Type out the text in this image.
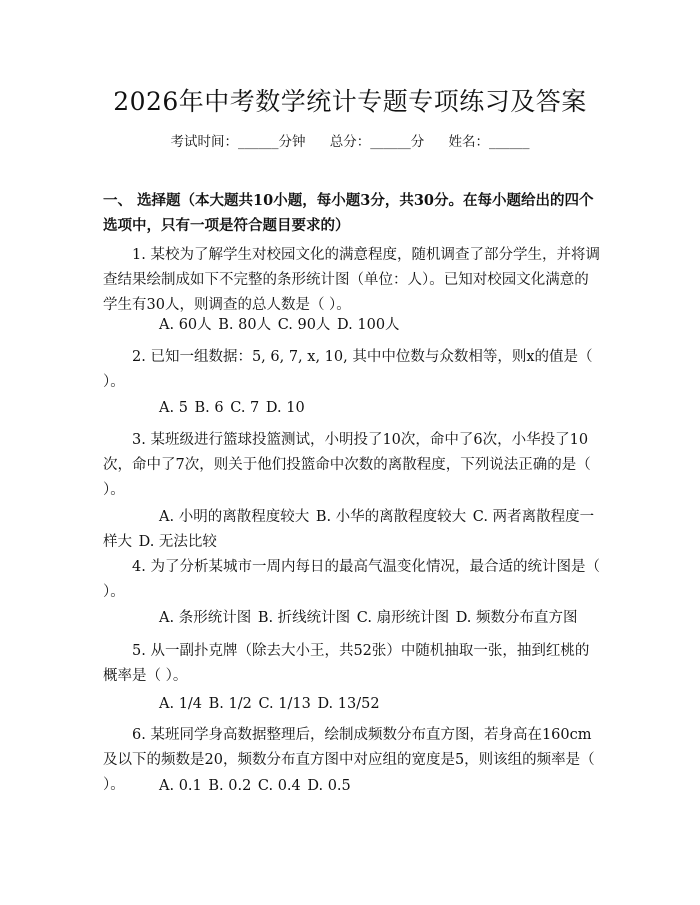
2026年中考数学统计专题专项练习及答案
考试时间：______分钟 总分：______分 姓名：______
一、 选择题（本大题共10小题，每小题3分，共30分。在每小题给出的四个选项中，只有一项是符合题目要求的）
1. 某校为了解学生对校园文化的满意程度，随机调查了部分学生，并将调查结果绘制成如下不完整的条形统计图（单位：人）。已知对校园文化满意的学生有30人，则调查的总人数是（ ）。
A. 60人 B. 80人 C. 90人 D. 100人
2. 已知一组数据：5, 6, 7, x, 10, 其中中位数与众数相等，则x的值是（ ）。
A. 5 B. 6 C. 7 D. 10
3. 某班级进行篮球投篮测试，小明投了10次，命中了6次，小华投了10次，命中了7次，则关于他们投篮命中次数的离散程度，下列说法正确的是（ ）。
A. 小明的离散程度较大 B. 小华的离散程度较大 C. 两者离散程度一样大 D. 无法比较
4. 为了分析某城市一周内每日的最高气温变化情况，最合适的统计图是（ ）。
A. 条形统计图 B. 折线统计图 C. 扇形统计图 D. 频数分布直方图
5. 从一副扑克牌（除去大小王，共52张）中随机抽取一张，抽到红桃的概率是（ ）。
A. 1/4 B. 1/2 C. 1/13 D. 13/52
6. 某班同学身高数据整理后，绘制成频数分布直方图，若身高在160cm及以下的频数是20，频数分布直方图中对应组的宽度是5，则该组的频率是（ ）。	A. 0.1 B. 0.2 C. 0.4 D. 0.5
